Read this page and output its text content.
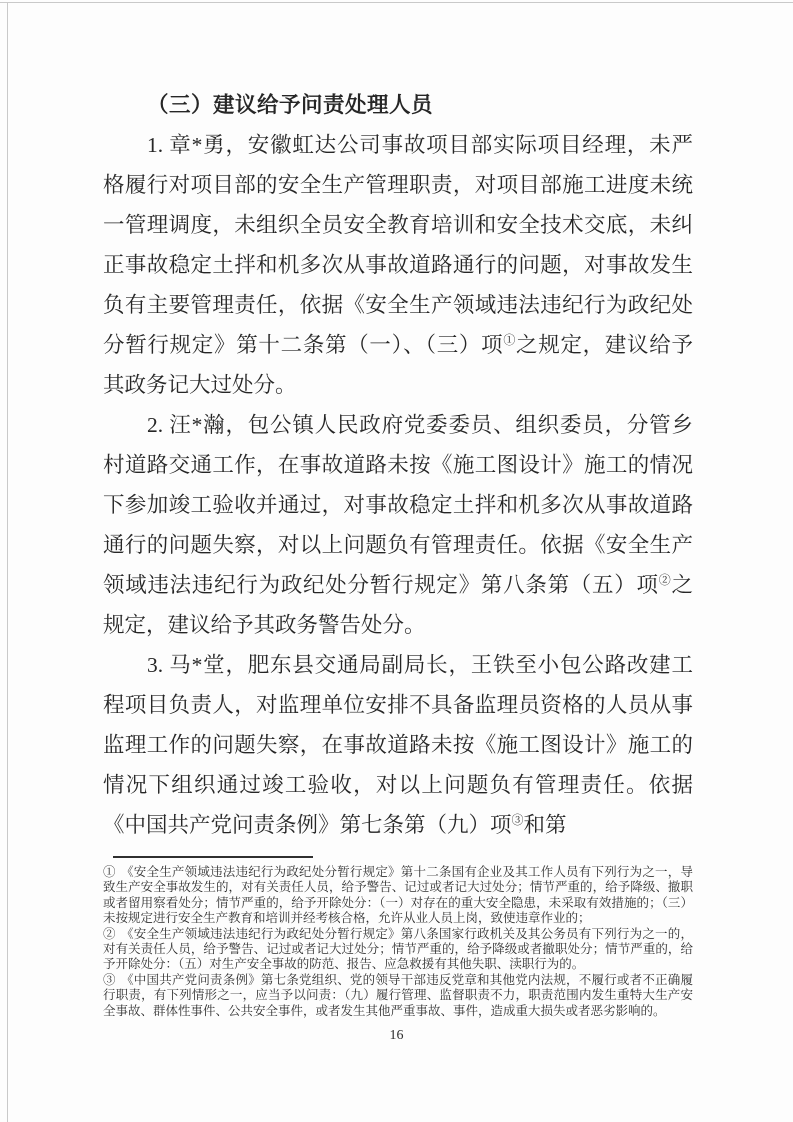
（三）建议给予问责处理人员

1. 章*勇，安徽虹达公司事故项目部实际项目经理，未严格履行对项目部的安全生产管理职责，对项目部施工进度未统一管理调度，未组织全员安全教育培训和安全技术交底，未纠正事故稳定土拌和机多次从事故道路通行的问题，对事故发生负有主要管理责任，依据《安全生产领域违法违纪行为政纪处分暂行规定》第十二条第（一）、（三）项①之规定，建议给予其政务记大过处分。

2. 汪*瀚，包公镇人民政府党委委员、组织委员，分管乡村道路交通工作，在事故道路未按《施工图设计》施工的情况下参加竣工验收并通过，对事故稳定土拌和机多次从事故道路通行的问题失察，对以上问题负有管理责任。依据《安全生产领域违法违纪行为政纪处分暂行规定》第八条第（五）项②之规定，建议给予其政务警告处分。

3. 马*堂，肥东县交通局副局长，王铁至小包公路改建工程项目负责人，对监理单位安排不具备监理员资格的人员从事监理工作的问题失察，在事故道路未按《施工图设计》施工的情况下组织通过竣工验收，对以上问题负有管理责任。依据《中国共产党问责条例》第七条第（九）项③和第

① 《安全生产领域违法违纪行为政纪处分暂行规定》第十二条国有企业及其工作人员有下列行为之一，导致生产安全事故发生的，对有关责任人员，给予警告、记过或者记大过处分；情节严重的，给予降级、撤职或者留用察看处分；情节严重的，给予开除处分：（一）对存在的重大安全隐患，未采取有效措施的；（三）未按规定进行安全生产教育和培训并经考核合格，允许从业人员上岗，致使违章作业的；

② 《安全生产领域违法违纪行为政纪处分暂行规定》第八条国家行政机关及其公务员有下列行为之一的，对有关责任人员，给予警告、记过或者记大过处分；情节严重的，给予降级或者撤职处分；情节严重的，给予开除处分：（五）对生产安全事故的防范、报告、应急救援有其他失职、渎职行为的。

③ 《中国共产党问责条例》第七条党组织、党的领导干部违反党章和其他党内法规，不履行或者不正确履行职责，有下列情形之一，应当予以问责：（九）履行管理、监督职责不力，职责范围内发生重特大生产安全事故、群体性事件、公共安全事件，或者发生其他严重事故、事件，造成重大损失或者恶劣影响的。

16
